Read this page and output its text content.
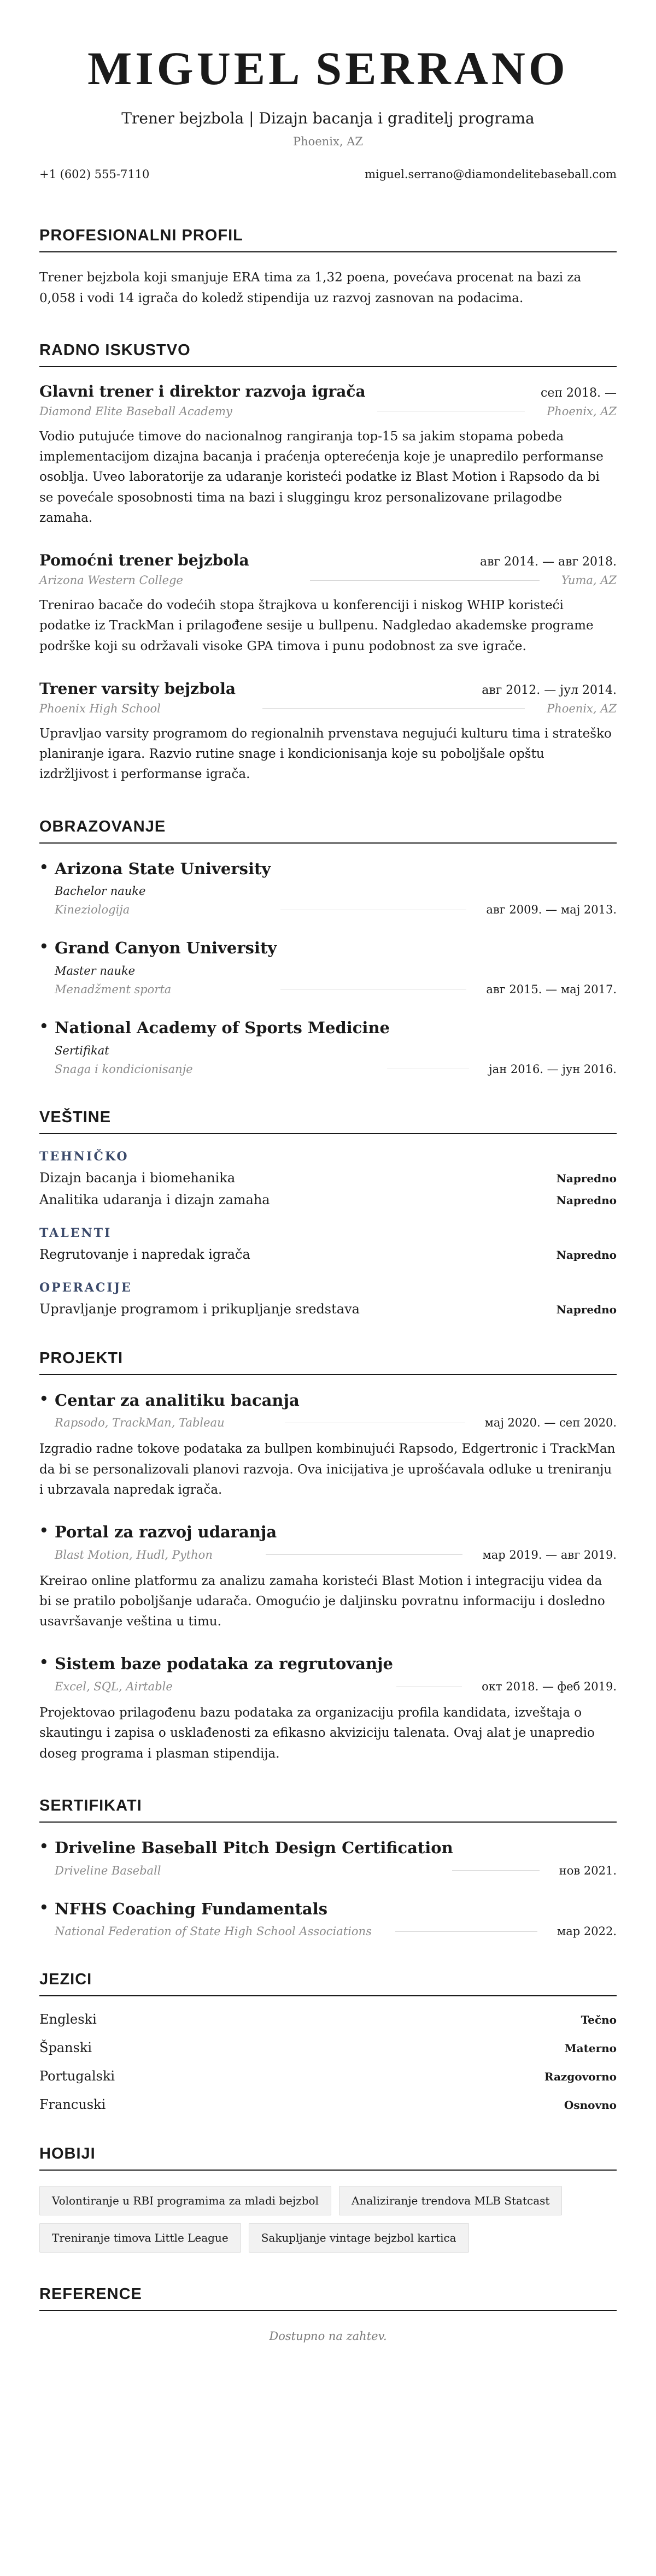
MIGUEL SERRANO
Trener bejzbola | Dizajn bacanja i graditelj programa
Phoenix, AZ
+1 (602) 555-7110	miguel.serrano@diamondelitebaseball.com
PROFESIONALNI PROFIL

Trener bejzbola koji smanjuje ERA tima za 1,32 poena, povećava procenat na bazi za 0,058 i vodi 14 igrača do koledž stipendija uz razvoj zasnovan na podacima.

RADNO ISKUSTVO
Glavni trener i direktor razvoja igrača	сеп 2018. —
Diamond Elite Baseball Academy	Phoenix, AZ

Vodio putujuće timove do nacionalnog rangiranja top-15 sa jakim stopama pobeda implementacijom dizajna bacanja i praćenja opterećenja koje je unapredilo performanse osoblja. Uveo laboratorije za udaranje koristeći podatke iz Blast Motion i Rapsodo da bi se povećale sposobnosti tima na bazi i sluggingu kroz personalizovane prilagodbe zamaha.

Pomoćni trener bejzbola	авг 2014. — авг 2018.
Arizona Western College	Yuma, AZ

Trenirao bacače do vodećih stopa štrajkova u konferenciji i niskog WHIP koristeći podatke iz TrackMan i prilagođene sesije u bullpenu. Nadgledao akademske programe podrške koji su održavali visoke GPA timova i punu podobnost za sve igrače.

Trener varsity bejzbola	авг 2012. — јул 2014.
Phoenix High School	Phoenix, AZ

Upravljao varsity programom do regionalnih prvenstava negujući kulturu tima i strateško planiranje igara. Razvio rutine snage i kondicionisanja koje su poboljšale opštu izdržljivost i performanse igrača.

OBRAZOVANJE
• Arizona State University
Bachelor nauke
Kineziologija	авг 2009. — мај 2013.
• Grand Canyon University
Master nauke
Menadžment sporta	авг 2015. — мај 2017.
• National Academy of Sports Medicine
Sertifikat
Snaga i kondicionisanje	јан 2016. — јун 2016.
VEŠTINE
TEHNIČKO
Dizajn bacanja i biomehanika	Napredno
Analitika udaranja i dizajn zamaha	Napredno
TALENTI
Regrutovanje i napredak igrača	Napredno
OPERACIJE
Upravljanje programom i prikupljanje sredstava	Napredno
PROJEKTI
• Centar za analitiku bacanja
Rapsodo, TrackMan, Tableau	мај 2020. — сеп 2020.

Izgradio radne tokove podataka za bullpen kombinujući Rapsodo, Edgertronic i TrackMan da bi se personalizovali planovi razvoja. Ova inicijativa je uprošćavala odluke u treniranju i ubrzavala napredak igrača.

• Portal za razvoj udaranja
Blast Motion, Hudl, Python	мар 2019. — авг 2019.

Kreirao online platformu za analizu zamaha koristeći Blast Motion i integraciju videa da bi se pratilo poboljšanje udarača. Omogućio je daljinsku povratnu informaciju i dosledno usavršavanje veština u timu.

• Sistem baze podataka za regrutovanje
Excel, SQL, Airtable	окт 2018. — феб 2019.

Projektovao prilagođenu bazu podataka za organizaciju profila kandidata, izveštaja o skautingu i zapisa o usklađenosti za efikasno akviziciju talenata. Ovaj alat je unapredio doseg programa i plasman stipendija.

SERTIFIKATI
• Driveline Baseball Pitch Design Certification
Driveline Baseball	нов 2021.
• NFHS Coaching Fundamentals
National Federation of State High School Associations	мар 2022.
JEZICI
Engleski	Tečno
Španski	Materno
Portugalski	Razgovorno
Francuski	Osnovno
HOBIJI
Volontiranje u RBI programima za mladi bejzbol	Analiziranje trendova MLB Statcast
Treniranje timova Little League	Sakupljanje vintage bejzbol kartica
REFERENCE
Dostupno na zahtev.
